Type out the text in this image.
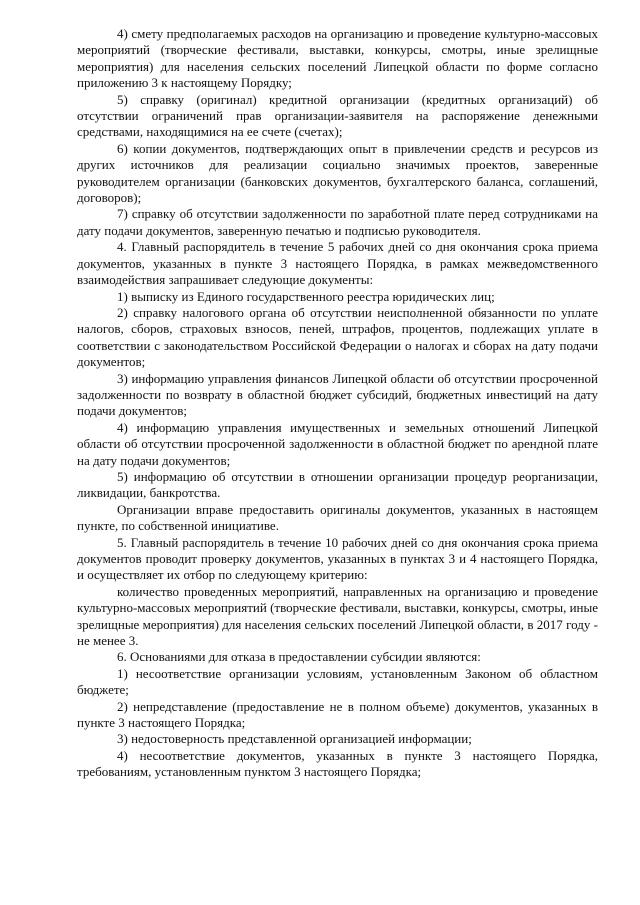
4) смету предполагаемых расходов на организацию и проведение культурно-массовых мероприятий (творческие фестивали, выставки, конкурсы, смотры, иные зрелищные мероприятия) для населения сельских поселений Липецкой области по форме согласно приложению 3 к настоящему Порядку;

5) справку (оригинал) кредитной организации (кредитных организаций) об отсутствии ограничений прав организации-заявителя на распоряжение денежными средствами, находящимися на ее счете (счетах);

6) копии документов, подтверждающих опыт в привлечении средств и ресурсов из других источников для реализации социально значимых проектов, заверенные руководителем организации (банковских документов, бухгалтерского баланса, соглашений, договоров);

7) справку об отсутствии задолженности по заработной плате перед сотрудниками на дату подачи документов, заверенную печатью и подписью руководителя.

4. Главный распорядитель в течение 5 рабочих дней со дня окончания срока приема документов, указанных в пункте 3 настоящего Порядка, в рамках межведомственного взаимодействия запрашивает следующие документы:

1) выписку из Единого государственного реестра юридических лиц;

2) справку налогового органа об отсутствии неисполненной обязанности по уплате налогов, сборов, страховых взносов, пеней, штрафов, процентов, подлежащих уплате в соответствии с законодательством Российской Федерации о налогах и сборах на дату подачи документов;

3) информацию управления финансов Липецкой области об отсутствии просроченной задолженности по возврату в областной бюджет субсидий, бюджетных инвестиций на дату подачи документов;

4) информацию управления имущественных и земельных отношений Липецкой области об отсутствии просроченной задолженности в областной бюджет по арендной плате на дату подачи документов;

5) информацию об отсутствии в отношении организации процедур реорганизации, ликвидации, банкротства.

Организации вправе предоставить оригиналы документов, указанных в настоящем пункте, по собственной инициативе.

5. Главный распорядитель в течение 10 рабочих дней со дня окончания срока приема документов проводит проверку документов, указанных в пунктах 3 и 4 настоящего Порядка, и осуществляет их отбор по следующему критерию:

количество проведенных мероприятий, направленных на организацию и проведение культурно-массовых мероприятий (творческие фестивали, выставки, конкурсы, смотры, иные зрелищные мероприятия) для населения сельских поселений Липецкой области, в 2017 году - не менее 3.

6. Основаниями для отказа в предоставлении субсидии являются:

1) несоответствие организации условиям, установленным Законом об областном бюджете;

2) непредставление (предоставление не в полном объеме) документов, указанных в пункте 3 настоящего Порядка;

3) недостоверность представленной организацией информации;

4) несоответствие документов, указанных в пункте 3 настоящего Порядка, требованиям, установленным пунктом 3 настоящего Порядка;
